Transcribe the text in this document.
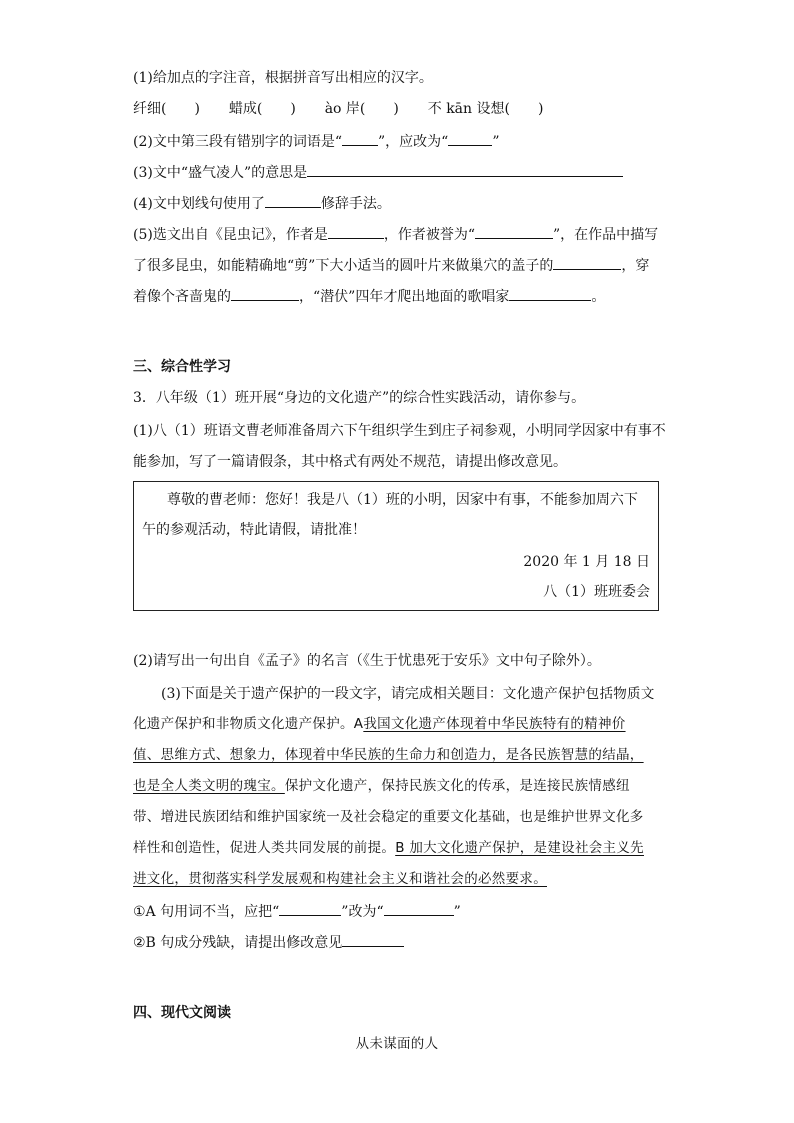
(1)给加点的字注音，根据拼音写出相应的汉字。
纤细( ) 蜡成( ) ào 岸( ) 不 kān 设想( )
(2)文中第三段有错别字的词语是“	”，应改为“	”
(3)文中“盛气凌人”的意思是
(4)文中划线句使用了	修辞手法。
(5)选文出自《昆虫记》，作者是	，作者被誉为“	”，在作品中描写
了很多昆虫，如能精确地“剪”下大小适当的圆叶片来做巢穴的盖子的	，穿
着像个吝啬鬼的	，“潜伏”四年才爬出地面的歌唱家	。
三、综合性学习
3．八年级（1）班开展“身边的文化遗产”的综合性实践活动，请你参与。
(1)八（1）班语文曹老师准备周六下午组织学生到庄子祠参观，小明同学因家中有事不
能参加，写了一篇请假条，其中格式有两处不规范，请提出修改意见。
尊敬的曹老师：您好！我是八（1）班的小明，因家中有事，不能参加周六下
午的参观活动，特此请假，请批准！
2020 年 1 月 18 日
八（1）班班委会
(2)请写出一句出自《孟子》的名言（《生于忧患死于安乐》文中句子除外）。
(3)下面是关于遗产保护的一段文字，请完成相关题目：文化遗产保护包括物质文
化遗产保护和非物质文化遗产保护。A我国文化遗产体现着中华民族特有的精神价
值、思维方式、想象力，体现着中华民族的生命力和创造力，是各民族智慧的结晶，
也是全人类文明的瑰宝。保护文化遗产，保持民族文化的传承，是连接民族情感纽
带、增进民族团结和维护国家统一及社会稳定的重要文化基础，也是维护世界文化多
样性和创造性，促进人类共同发展的前提。B 加大文化遗产保护，是建设社会主义先
进文化，贯彻落实科学发展观和构建社会主义和谐社会的必然要求。
①A 句用词不当，应把“	”改为“	”
②B 句成分残缺，请提出修改意见
四、现代文阅读
从未谋面的人
